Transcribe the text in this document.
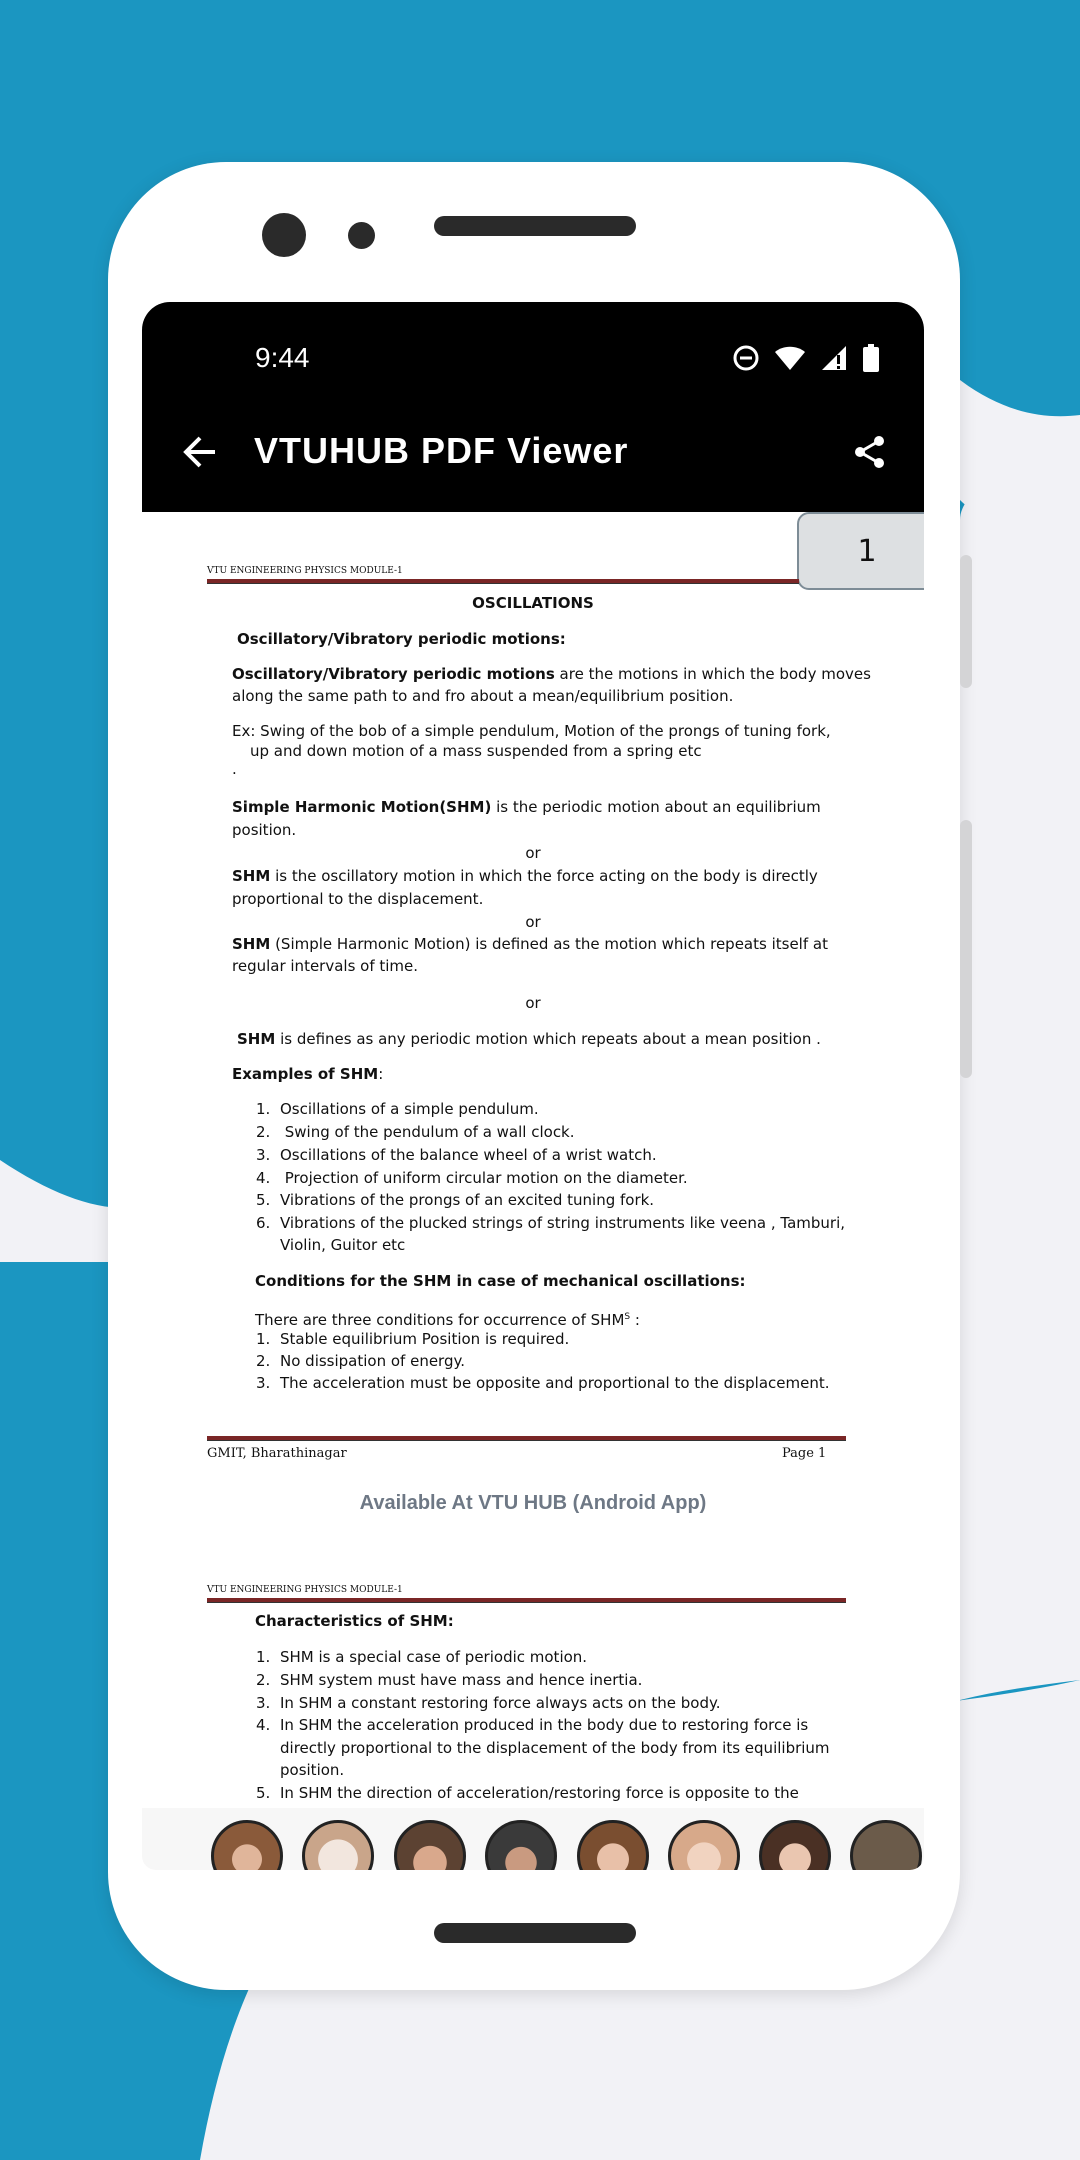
9:44
VTUHUB PDF Viewer
1
VTU ENGINEERING PHYSICS MODULE-1
OSCILLATIONS
Oscillatory/Vibratory periodic motions:
Oscillatory/Vibratory periodic motions are the motions in which the body moves
along the same path to and fro about a mean/equilibrium position.
Ex: Swing of the bob of a simple pendulum, Motion of the prongs of tuning fork,
up and down motion of a mass suspended from a spring etc
.
Simple Harmonic Motion(SHM) is the periodic motion about an equilibrium
position.
or
SHM is the oscillatory motion in which the force acting on the body is directly
proportional to the displacement.
or
SHM (Simple Harmonic Motion) is defined as the motion which repeats itself at
regular intervals of time.
or
SHM is defines as any periodic motion which repeats about a mean position .
Examples of SHM:
1. Oscillations of a simple pendulum.
2. Swing of the pendulum of a wall clock.
3. Oscillations of the balance wheel of a wrist watch.
4. Projection of uniform circular motion on the diameter.
5. Vibrations of the prongs of an excited tuning fork.
6. Vibrations of the plucked strings of string instruments like veena , Tamburi,
Violin, Guitor etc
Conditions for the SHM in case of mechanical oscillations:
There are three conditions for occurrence of $SHM^S$ :
1. Stable equilibrium Position is required.
2. No dissipation of energy.
3. The acceleration must be opposite and proportional to the displacement.
GMIT, Bharathinagar	Page 1
Available At VTU HUB (Android App)
VTU ENGINEERING PHYSICS MODULE-1
Characteristics of SHM:
1. SHM is a special case of periodic motion.
2. SHM system must have mass and hence inertia.
3. In SHM a constant restoring force always acts on the body.
4. In SHM the acceleration produced in the body due to restoring force is
directly proportional to the displacement of the body from its equilibrium
position.
5. In SHM the direction of acceleration/restoring force is opposite to the
